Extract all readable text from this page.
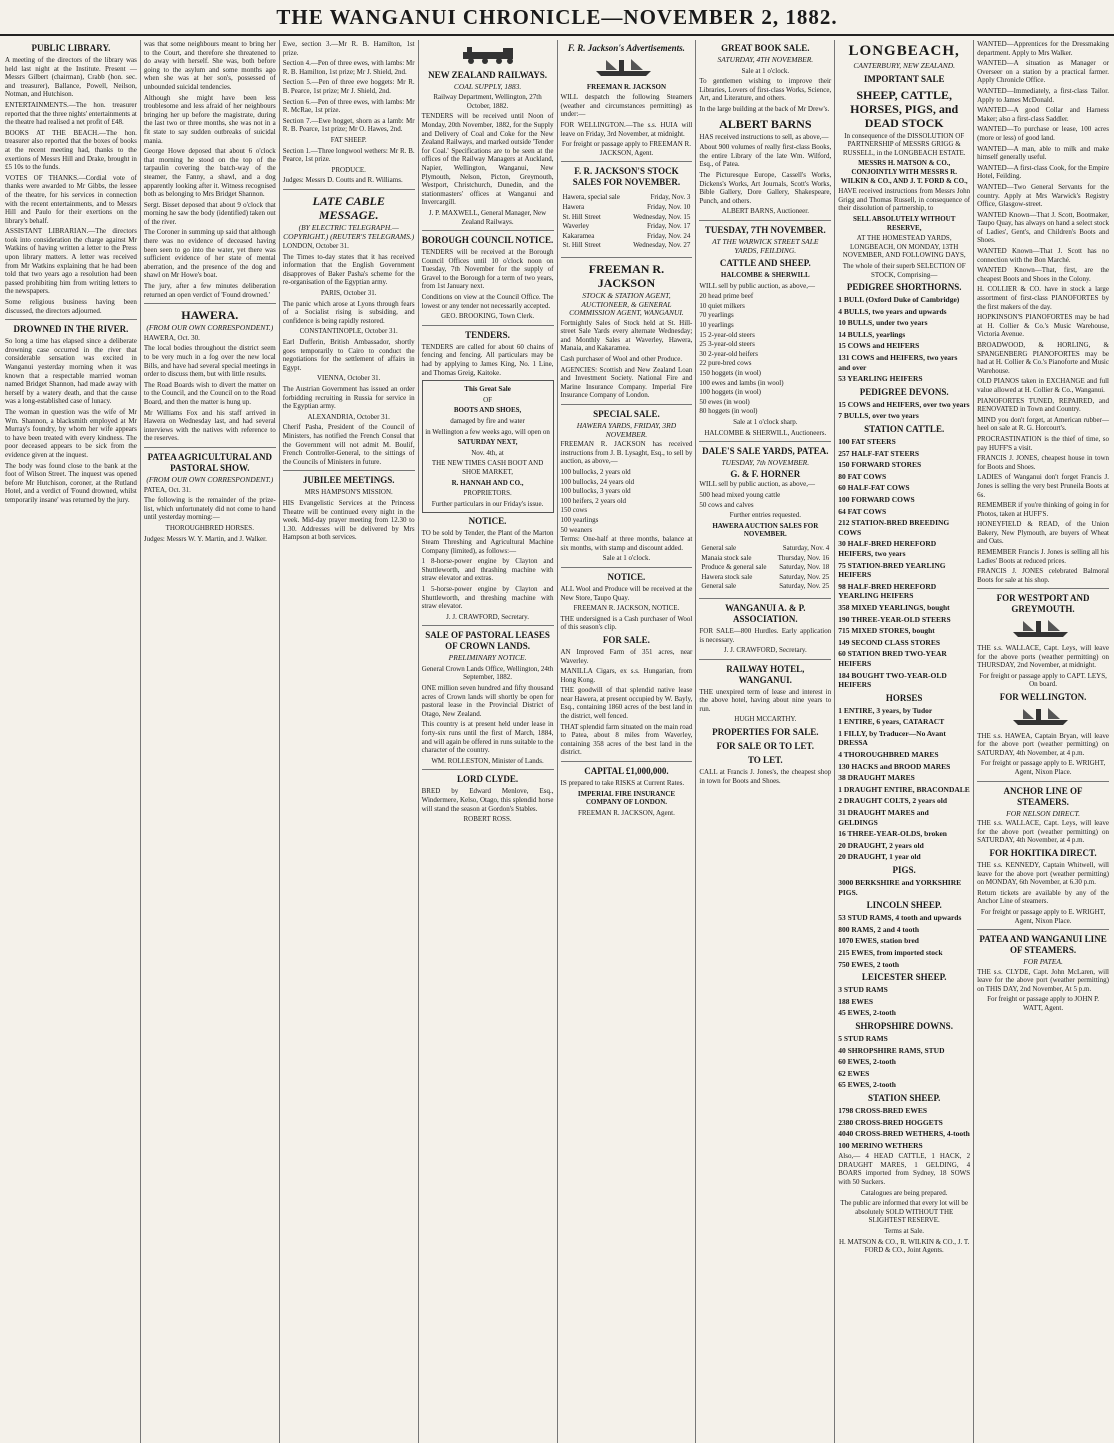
THE WANGANUI CHRONICLE—NOVEMBER 2, 1882.
PUBLIC LIBRARY.

A meeting of the directors of the library was held last night at the Institute. Present — Messrs Gilbert (chairman), Crabb (hon. sec. and treasurer), Ballance, Powell, Neilson, Notman, and Hutchison.

ENTERTAINMENTS.—The hon. treasurer reported that the three nights' entertainments at the theatre had realised a net profit of £48.

BOOKS AT THE BEACH.—The hon. treasurer also reported that the boxes of books at the recent meeting had, thanks to the exertions of Messrs Hill and Drake, brought in £5 10s to the funds.

VOTES OF THANKS.—Cordial vote of thanks were awarded to Mr Gibbs, the lessee of the theatre, for his services in connection with the recent entertainments, and to Messrs Hill and Paulo for their exertions on the library's behalf.

ASSISTANT LIBRARIAN.—The directors took into consideration the charge against Mr Watkins of having written a letter to the Press upon library matters. A letter was received from Mr Watkins explaining that he had been told that two years ago a resolution had been passed prohibiting him from writing letters to the newspapers.

Some religious business having been discussed, the directors adjourned.

DROWNED IN THE RIVER.

So long a time has elapsed since a deliberate drowning case occurred in the river that considerable sensation was excited in Wanganui yesterday morning when it was known that a respectable married woman named Bridget Shannon, had made away with herself by a watery death, and that the cause was a long-established case of lunacy.

The woman in question was the wife of Mr Wm. Shannon, a blacksmith employed at Mr Murray's foundry, by whom her wife appears to have been treated with every kindness. The poor deceased appears to be sick from the evidence given at the inquest.

The body was found close to the bank at the foot of Wilson Street. The inquest was opened before Mr Hutchison, coroner, at the Rutland Hotel, and a verdict of 'Found drowned, whilst temporarily insane' was returned by the jury.

was that some neighbours meant to bring her to the Court, and therefore she threatened to do away with herself. She was, both before going to the asylum and some months ago when she was at her son's, possessed of unbounded suicidal tendencies.

Although she might have been less troublesome and less afraid of her neighbours bringing her up before the magistrate, during the last two or three months, she was not in a fit state to say sudden outbreaks of suicidal mania.

George Howe deposed that about 6 o'clock that morning he stood on the top of the tarpaulin covering the batch-way of the steamer, the Fanny, a shawl, and a dog apparently looking after it. Witness recognised both as belonging to Mrs Bridget Shannon.

Sergt. Bisset deposed that about 9 o'clock that morning he saw the body (identified) taken out of the river.

The Coroner in summing up said that although there was no evidence of deceased having been seen to go into the water, yet there was sufficient evidence of her state of mental aberration, and the presence of the dog and shawl on Mr Howe's boat.

The jury, after a few minutes deliberation returned an open verdict of 'Found drowned.'

HAWERA.
(FROM OUR OWN CORRESPONDENT.)

HAWERA, Oct. 30.

The local bodies throughout the district seem to be very much in a fog over the new local Bills, and have had several special meetings in order to discuss them, but with little results.

The Road Boards wish to divert the matter on to the Council, and the Council on to the Road Board, and then the matter is hung up.

Mr Williams Fox and his staff arrived in Hawera on Wednesday last, and had several interviews with the natives with reference to the reserves.

PATEA AGRICULTURAL AND PASTORAL SHOW.
(FROM OUR OWN CORRESPONDENT.)

PATEA, Oct. 31.

The following is the remainder of the prize-list, which unfortunately did not come to hand until yesterday morning:—

THOROUGHBRED HORSES.

Judges: Messrs W. Y. Martin, and J. Walker.

Ewe, section 3.—Mr R. B. Hamilton, 1st prize.

Section 4.—Pen of three ewes, with lambs: Mr R. B. Hamilton, 1st prize; Mr J. Shield, 2nd.

Section 5.—Pen of three ewe hoggets: Mr R. B. Pearce, 1st prize; Mr J. Shield, 2nd.

Section 6.—Pen of three ewes, with lambs: Mr R. McRae, 1st prize.

Section 7.—Ewe hogget, shorn as a lamb: Mr R. B. Pearce, 1st prize; Mr O. Hawes, 2nd.

FAT SHEEP.

Section 1.—Three longwool wethers: Mr R. B. Pearce, 1st prize.

PRODUCE.

Judges: Messrs D. Coutts and R. Williams.

LATE CABLE MESSAGE.
(BY ELECTRIC TELEGRAPH.—COPYRIGHT.) (REUTER'S TELEGRAMS.)

LONDON, October 31.

The Times to-day states that it has received information that the English Government disapproves of Baker Pasha's scheme for the re-organisation of the Egyptian army.

PARIS, October 31.

The panic which arose at Lyons through fears of a Socialist rising is subsiding, and confidence is being rapidly restored.

CONSTANTINOPLE, October 31.

Earl Dufferin, British Ambassador, shortly goes temporarily to Cairo to conduct the negotiations for the settlement of affairs in Egypt.

VIENNA, October 31.

The Austrian Government has issued an order forbidding recruiting in Russia for service in the Egyptian army.

ALEXANDRIA, October 31.

Cherif Pasha, President of the Council of Ministers, has notified the French Consul that the Government will not admit M. Boulif, French Controller-General, to the sittings of the Councils of Ministers in future.

JUBILEE MEETINGS.

MRS HAMPSON'S MISSION.

HIS Evangelistic Services at the Princess Theatre will be continued every night in the week. Mid-day prayer meeting from 12.30 to 1.30. Addresses will be delivered by Mrs Hampson at both services.

NEW ZEALAND RAILWAYS.
COAL SUPPLY, 1883.

Railway Department, Wellington, 27th October, 1882.

TENDERS will be received until Noon of Monday, 20th November, 1882, for the Supply and Delivery of Coal and Coke for the New Zealand Railways, and marked outside 'Tender for Coal.' Specifications are to be seen at the offices of the Railway Managers at Auckland, Napier, Wellington, Wanganui, New Plymouth, Nelson, Picton, Greymouth, Westport, Christchurch, Dunedin, and the stationmasters' offices at Wanganui and Invercargill.

J. P. MAXWELL, General Manager, New Zealand Railways.

BOROUGH COUNCIL NOTICE.

TENDERS will be received at the Borough Council Offices until 10 o'clock noon on Tuesday, 7th November for the supply of Gravel to the Borough for a term of two years, from 1st January next.

Conditions on view at the Council Office. The lowest or any tender not necessarily accepted.

GEO. BROOKING, Town Clerk.

TENDERS.

TENDERS are called for about 60 chains of fencing and fencing. All particulars may be had by applying to James King, No. 1 Line, and Thomas Greig, Kaitoke.

This Great Sale

OF

BOOTS AND SHOES,

damaged by fire and water

in Wellington a few weeks ago, will open on

SATURDAY NEXT,

Nov. 4th, at

THE NEW TIMES CASH BOOT AND SHOE MARKET,

R. HANNAH AND CO.,

PROPRIETORS.

Further particulars in our Friday's issue.

NOTICE.

TO be sold by Tender, the Plant of the Marton Steam Threshing and Agricultural Machine Company (limited), as follows:—

1 8-horse-power engine by Clayton and Shuttleworth, and thrashing machine with straw elevator and extras.

1 5-horse-power engine by Clayton and Shuttleworth, and threshing machine with straw elevator.

J. J. CRAWFORD, Secretary.

SALE OF PASTORAL LEASES OF CROWN LANDS.
PRELIMINARY NOTICE.

General Crown Lands Office, Wellington, 24th September, 1882.

ONE million seven hundred and fifty thousand acres of Crown lands will shortly be open for pastoral lease in the Provincial District of Otago, New Zealand.

This country is at present held under lease in forty-six runs until the first of March, 1884, and will again be offered in runs suitable to the character of the country.

WM. ROLLESTON, Minister of Lands.

LORD CLYDE.

BRED by Edward Menlove, Esq., Windermere, Kelso, Otago, this splendid horse will stand the season at Gordon's Stables.

ROBERT ROSS.

F. R. Jackson's Advertisements.

FREEMAN R. JACKSON

WILL despatch the following Steamers (weather and circumstances permitting) as under:—

FOR WELLINGTON.—The s.s. HUIA will leave on Friday, 3rd November, at midnight.

For freight or passage apply to FREEMAN R. JACKSON, Agent.

F. R. JACKSON'S STOCK SALES FOR NOVEMBER.
Hawera, special sale	Friday, Nov. 3
Hawera	Friday, Nov. 10
St. Hill Street	Wednesday, Nov. 15
Waverley	Friday, Nov. 17
Kakaramea	Friday, Nov. 24
St. Hill Street	Wednesday, Nov. 27
FREEMAN R. JACKSON
STOCK & STATION AGENT, AUCTIONEER, & GENERAL COMMISSION AGENT, WANGANUI.

Fortnightly Sales of Stock held at St. Hill-street Sale Yards every alternate Wednesday; and Monthly Sales at Waverley, Hawera, Manaia, and Kakaramea.

Cash purchaser of Wool and other Produce.

AGENCIES: Scottish and New Zealand Loan and Investment Society. National Fire and Marine Insurance Company. Imperial Fire Insurance Company of London.

SPECIAL SALE.
HAWERA YARDS, FRIDAY, 3RD NOVEMBER.

FREEMAN R. JACKSON has received instructions from J. B. Lysaght, Esq., to sell by auction, as above,—

100 bullocks, 2 years old

100 bullocks, 24 years old

100 bullocks, 3 years old

100 heifers, 2 years old

150 cows

100 yearlings

50 weaners

Terms: One-half at three months, balance at six months, with stamp and discount added.

Sale at 1 o'clock.

NOTICE.

ALL Wool and Produce will be received at the New Store, Taupo Quay.

FREEMAN R. JACKSON, NOTICE.

THE undersigned is a Cash purchaser of Wool of this season's clip.

FOR SALE.

AN Improved Farm of 351 acres, near Waverley.

MANILLA Cigars, ex s.s. Hungarian, from Hong Kong.

THE goodwill of that splendid native lease near Hawera, at present occupied by W. Bayly, Esq., containing 1860 acres of the best land in the district, well fenced.

THAT splendid farm situated on the main road to Patea, about 8 miles from Waverley, containing 358 acres of the best land in the district.

CAPITAL £1,000,000.

IS prepared to take RISKS at Current Rates.

IMPERIAL FIRE INSURANCE COMPANY OF LONDON.

FREEMAN R. JACKSON, Agent.

GREAT BOOK SALE.
SATURDAY, 4TH NOVEMBER.

Sale at 1 o'clock.

To gentlemen wishing to improve their Libraries, Lovers of first-class Works, Science, Art, and Literature, and others.

In the large building at the back of Mr Drew's.

ALBERT BARNS

HAS received instructions to sell, as above,—

About 900 volumes of really first-class Books, the entire Library of the late Wm. Wilford, Esq., of Patea.

The Picturesque Europe, Cassell's Works, Dickens's Works, Art Journals, Scott's Works, Bible Gallery, Dore Gallery, Shakespeare, Punch, and others.

ALBERT BARNS, Auctioneer.

TUESDAY, 7TH NOVEMBER.
AT THE WARWICK STREET SALE YARDS, FEILDING.
CATTLE AND SHEEP.

HALCOMBE & SHERWILL

WILL sell by public auction, as above,—

20 head prime beef

10 quiet milkers

70 yearlings

10 yearlings

15 2-year-old steers

25 3-year-old steers

30 2-year-old heifers

22 pure-bred cows

150 hoggets (in wool)

100 ewes and lambs (in wool)

100 hoggets (in wool)

50 ewes (in wool)

80 hoggets (in wool)

Sale at 1 o'clock sharp.

HALCOMBE & SHERWILL, Auctioneers.

DALE'S SALE YARDS, PATEA.
TUESDAY, 7th NOVEMBER.

G. & F. HORNER

WILL sell by public auction, as above,—

500 head mixed young cattle

50 cows and calves

Further entries requested.

HAWERA AUCTION SALES FOR NOVEMBER.

General sale	Saturday, Nov. 4
Manaia stock sale	Thursday, Nov. 16
Produce & general sale Saturday, Nov. 18
Hawera stock sale	Saturday, Nov. 25
General sale	Saturday, Nov. 25
WANGANUI A. & P. ASSOCIATION.

FOR SALE—800 Hurdles. Early application is necessary.

J. J. CRAWFORD, Secretary.

RAILWAY HOTEL, WANGANUI.

THE unexpired term of lease and interest in the above hotel, having about nine years to run.

HUGH MCCARTHY.

PROPERTIES FOR SALE.
FOR SALE OR TO LET.
TO LET.

CALL at Francis J. Jones's, the cheapest shop in town for Boots and Shoes.

LONGBEACH,
CANTERBURY, NEW ZEALAND.
IMPORTANT SALE
SHEEP, CATTLE, HORSES, PIGS, and DEAD STOCK

In consequence of the DISSOLUTION OF PARTNERSHIP of MESSRS GRIGG & RUSSELL, in the LONGBEACH ESTATE.

MESSRS H. MATSON & CO., CONJOINTLY WITH MESSRS R. WILKIN & CO., AND J. T. FORD & CO.,

HAVE received instructions from Messrs John Grigg and Thomas Russell, in consequence of their dissolution of partnership, to

SELL ABSOLUTELY WITHOUT RESERVE,

AT THE HOMESTEAD YARDS, LONGBEACH, ON MONDAY, 13TH NOVEMBER, AND FOLLOWING DAYS,

The whole of their superb SELECTION OF STOCK, Comprising—

PEDIGREE SHORTHORNS.

1 BULL (Oxford Duke of Cambridge)

4 BULLS, two years and upwards

10 BULLS, under two years

14 BULLS, yearlings

15 COWS and HEIFERS

131 COWS and HEIFERS, two years and over

53 YEARLING HEIFERS

PEDIGREE DEVONS.

15 COWS and HEIFERS, over two years

7 BULLS, over two years

STATION CATTLE.

100 FAT STEERS

257 HALF-FAT STEERS

150 FORWARD STORES

80 FAT COWS

60 HALF-FAT COWS

100 FORWARD COWS

64 FAT COWS

212 STATION-BRED BREEDING COWS

30 HALF-BRED HEREFORD HEIFERS, two years

75 STATION-BRED YEARLING HEIFERS

98 HALF-BRED HEREFORD YEARLING HEIFERS

358 MIXED YEARLINGS, bought

190 THREE-YEAR-OLD STEERS

715 MIXED STORES, bought

149 SECOND CLASS STORES

60 STATION BRED TWO-YEAR HEIFERS

184 BOUGHT TWO-YEAR-OLD HEIFERS

HORSES

1 ENTIRE, 3 years, by Tudor

1 ENTIRE, 6 years, CATARACT

1 FILLY, by Traducer—No Avant DRESSA

4 THOROUGHBRED MARES

130 HACKS and BROOD MARES

38 DRAUGHT MARES

1 DRAUGHT ENTIRE, BRACONDALE

2 DRAUGHT COLTS, 2 years old

31 DRAUGHT MARES and GELDINGS

16 THREE-YEAR-OLDS, broken

20 DRAUGHT, 2 years old

20 DRAUGHT, 1 year old

PIGS.

3000 BERKSHIRE and YORKSHIRE PIGS.

LINCOLN SHEEP.

53 STUD RAMS, 4 tooth and upwards

800 RAMS, 2 and 4 tooth

1070 EWES, station bred

215 EWES, from imported stock

750 EWES, 2 tooth

LEICESTER SHEEP.

3 STUD RAMS

188 EWES

45 EWES, 2-tooth

SHROPSHIRE DOWNS.

5 STUD RAMS

40 SHROPSHIRE RAMS, STUD

60 EWES, 2-tooth

62 EWES

65 EWES, 2-tooth

STATION SHEEP.

1798 CROSS-BRED EWES

2380 CROSS-BRED HOGGETS

4040 CROSS-BRED WETHERS, 4-tooth

100 MERINO WETHERS

Also,— 4 HEAD CATTLE, 1 HACK, 2 DRAUGHT MARES, 1 GELDING, 4 BOARS imported from Sydney, 18 SOWS with 50 Suckers.

Catalogues are being prepared.

The public are informed that every lot will be absolutely SOLD WITHOUT THE SLIGHTEST RESERVE.

Terms at Sale.

H. MATSON & CO., R. WILKIN & CO., J. T. FORD & CO., Joint Agents.

WANTED—Apprentices for the Dressmaking department. Apply to Mrs Walker.

WANTED—A situation as Manager or Overseer on a station by a practical farmer. Apply Chronicle Office.

WANTED—Immediately, a first-class Tailor. Apply to James McDonald.

WANTED—A good Collar and Harness Maker; also a first-class Saddler.

WANTED—To purchase or lease, 100 acres (more or less) of good land.

WANTED—A man, able to milk and make himself generally useful.

WANTED—A first-class Cook, for the Empire Hotel, Feilding.

WANTED—Two General Servants for the country. Apply at Mrs Warwick's Registry Office, Glasgow-street.

WANTED Known—That J. Scott, Bootmaker, Taupo Quay, has always on hand a select stock of Ladies', Gent's, and Children's Boots and Shoes.

WANTED Known—That J. Scott has no connection with the Bon Marché.

WANTED Known—That, first, are the cheapest Boots and Shoes in the Colony.

H. COLLIER & CO. have in stock a large assortment of first-class PIANOFORTES by the first makers of the day.

HOPKINSON'S PIANOFORTES may be had at H. Collier & Co.'s Music Warehouse, Victoria Avenue.

BROADWOOD, & HORLING, & SPANGENBERG PIANOFORTES may be had at H. Collier & Co.'s Pianoforte and Music Warehouse.

OLD PIANOS taken in EXCHANGE and full value allowed at H. Collier & Co., Wanganui.

PIANOFORTES TUNED, REPAIRED, and RENOVATED in Town and Country.

MIND you don't forget, at American rubber—heel on sale at R. G. Horcourt's.

PROCRASTINATION is the thief of time, so pay HUFF'S a visit.

FRANCIS J. JONES, cheapest house in town for Boots and Shoes.

LADIES of Wanganui don't forget Francis J. Jones is selling the very best Pruneila Boots at 6s.

REMEMBER if you're thinking of going in for Photos, taken at HUFF'S.

HONEYFIELD & READ, of the Union Bakery, New Plymouth, are buyers of Wheat and Oats.

REMEMBER Francis J. Jones is selling all his Ladies' Boots at reduced prices.

FRANCIS J. JONES celebrated Balmoral Boots for sale at his shop.

FOR WESTPORT AND GREYMOUTH.

THE s.s. WALLACE, Capt. Leys, will leave for the above ports (weather permitting) on THURSDAY, 2nd November, at midnight.

For freight or passage apply to CAPT. LEYS, On board.

FOR WELLINGTON.

THE s.s. HAWEA, Captain Bryan, will leave for the above port (weather permitting) on SATURDAY, 4th November, at 4 p.m.

For freight or passage apply to E. WRIGHT, Agent, Nixon Place.

ANCHOR LINE OF STEAMERS.
FOR NELSON DIRECT.

THE s.s. WALLACE, Capt. Leys, will leave for the above port (weather permitting) on SATURDAY, 4th November, at 4 p.m.

FOR HOKITIKA DIRECT.

THE s.s. KENNEDY, Captain Whitwell, will leave for the above port (weather permitting) on MONDAY, 6th November, at 6.30 p.m.

Return tickets are available by any of the Anchor Line of steamers.

For freight or passage apply to E. WRIGHT, Agent, Nixon Place.

PATEA AND WANGANUI LINE OF STEAMERS.
FOR PATEA.

THE s.s. CLYDE, Capt. John McLaren, will leave for the above port (weather permitting) on THIS DAY, 2nd November, At 5 p.m.

For freight or passage apply to JOHN P. WATT, Agent.
